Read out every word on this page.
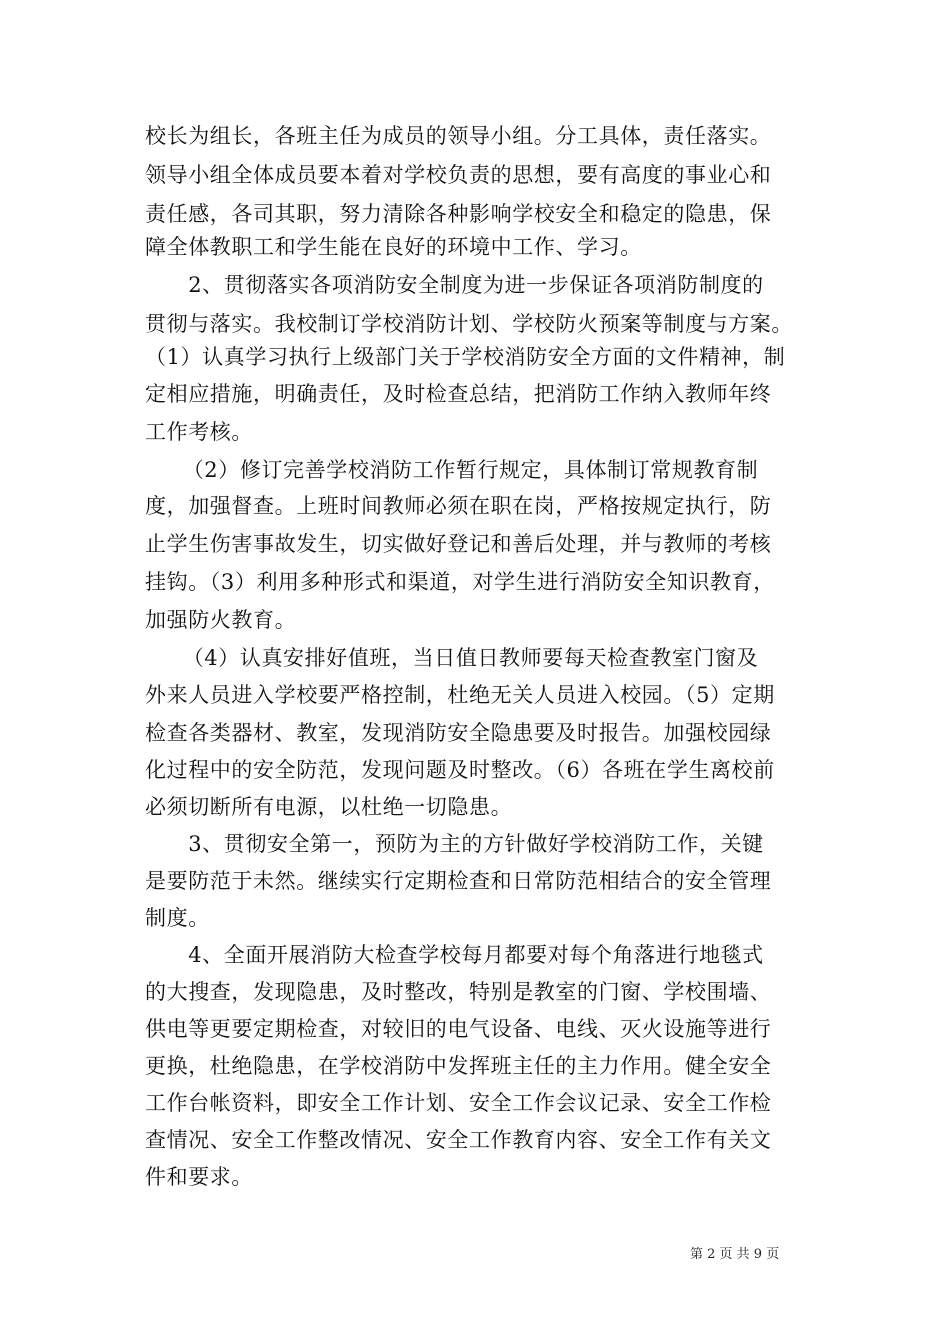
校长为组长，各班主任为成员的领导小组。分工具体，责任落实。
领导小组全体成员要本着对学校负责的思想，要有高度的事业心和
责任感，各司其职，努力清除各种影响学校安全和稳定的隐患，保
障全体教职工和学生能在良好的环境中工作、学习。
　　2、贯彻落实各项消防安全制度为进一步保证各项消防制度的
贯彻与落实。我校制订学校消防计划、学校防火预案等制度与方案。
（1）认真学习执行上级部门关于学校消防安全方面的文件精神，制
定相应措施，明确责任，及时检查总结，把消防工作纳入教师年终
工作考核。
　　（2）修订完善学校消防工作暂行规定，具体制订常规教育制
度，加强督查。上班时间教师必须在职在岗，严格按规定执行，防
止学生伤害事故发生，切实做好登记和善后处理，并与教师的考核
挂钩。（3）利用多种形式和渠道，对学生进行消防安全知识教育，
加强防火教育。
　　（4）认真安排好值班，当日值日教师要每天检查教室门窗及
外来人员进入学校要严格控制，杜绝无关人员进入校园。（5）定期
检查各类器材、教室，发现消防安全隐患要及时报告。加强校园绿
化过程中的安全防范，发现问题及时整改。（6）各班在学生离校前
必须切断所有电源，以杜绝一切隐患。
　　3、贯彻安全第一，预防为主的方针做好学校消防工作，关键
是要防范于未然。继续实行定期检查和日常防范相结合的安全管理
制度。
　　4、全面开展消防大检查学校每月都要对每个角落进行地毯式
的大搜查，发现隐患，及时整改，特别是教室的门窗、学校围墙、
供电等更要定期检查，对较旧的电气设备、电线、灭火设施等进行
更换，杜绝隐患，在学校消防中发挥班主任的主力作用。健全安全
工作台帐资料，即安全工作计划、安全工作会议记录、安全工作检
查情况、安全工作整改情况、安全工作教育内容、安全工作有关文
件和要求。
第 2 页 共 9 页
